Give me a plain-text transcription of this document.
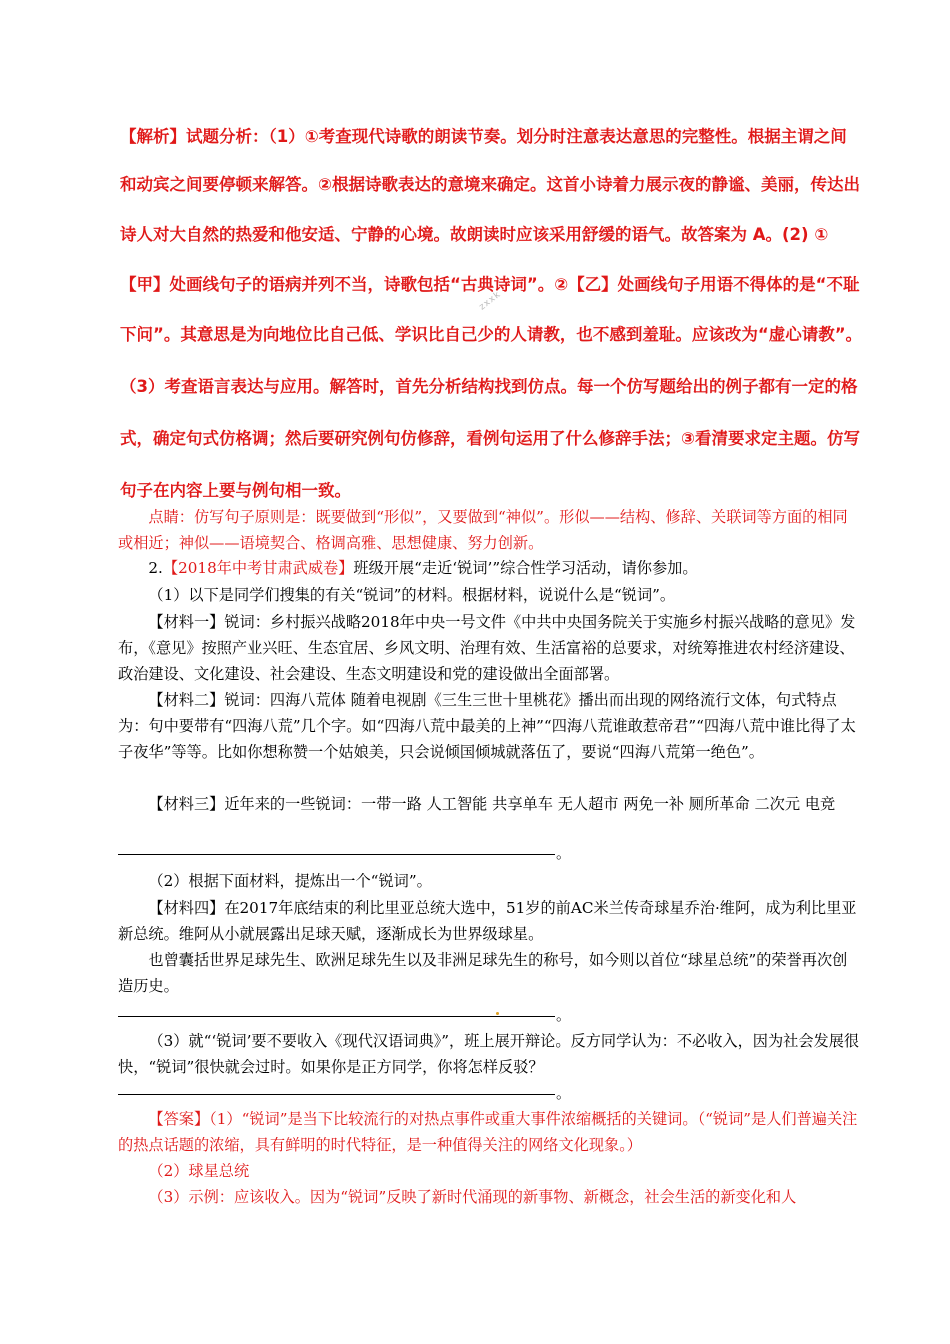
【解析】试题分析：（1）①考查现代诗歌的朗读节奏。划分时注意表达意思的完整性。根据主谓之间

和动宾之间要停顿来解答。②根据诗歌表达的意境来确定。这首小诗着力展示夜的静谧、美丽，传达出

诗人对大自然的热爱和他安适、宁静的心境。故朗读时应该采用舒缓的语气。故答案为 A。(2) ①

【甲】处画线句子的语病并列不当，诗歌包括“古典诗词”。②【乙】处画线句子用语不得体的是“不耻

下问”。其意思是为向地位比自己低、学识比自己少的人请教，也不感到羞耻。应该改为“虚心请教”。

（3）考查语言表达与应用。解答时，首先分析结构找到仿点。每一个仿写题给出的例子都有一定的格

式，确定句式仿格调；然后要研究例句仿修辞，看例句运用了什么修辞手法；③看清要求定主题。仿写

句子在内容上要与例句相一致。

zxxk

点睛：仿写句子原则是：既要做到“形似”，又要做到“神似”。形似——结构、修辞、关联词等方面的相同或相近；神似——语境契合、格调高雅、思想健康、努力创新。

2.【2018年中考甘肃武威卷】班级开展“走近‘锐词’”综合性学习活动，请你参加。

（1）以下是同学们搜集的有关“锐词”的材料。根据材料，说说什么是“锐词”。

【材料一】锐词：乡村振兴战略2018年中央一号文件《中共中央国务院关于实施乡村振兴战略的意见》发布，《意见》按照产业兴旺、生态宜居、乡风文明、治理有效、生活富裕的总要求，对统筹推进农村经济建设、政治建设、文化建设、社会建设、生态文明建设和党的建设做出全面部署。

【材料二】锐词：四海八荒体 随着电视剧《三生三世十里桃花》播出而出现的网络流行文体，句式特点为：句中要带有“四海八荒”几个字。如“四海八荒中最美的上神”“四海八荒谁敢惹帝君”“四海八荒中谁比得了太子夜华”等等。比如你想称赞一个姑娘美，只会说倾国倾城就落伍了，要说“四海八荒第一绝色”。

【材料三】近年来的一些锐词：一带一路 人工智能 共享单车 无人超市 两免一补 厕所革命 二次元 电竞

。

（2）根据下面材料，提炼出一个“锐词”。

【材料四】在2017年底结束的利比里亚总统大选中，51岁的前AC米兰传奇球星乔治·维阿，成为利比里亚新总统。维阿从小就展露出足球天赋，逐渐成长为世界级球星。

也曾囊括世界足球先生、欧洲足球先生以及非洲足球先生的称号，如今则以首位“球星总统”的荣誉再次创造历史。

。

（3）就“‘锐词’要不要收入《现代汉语词典》”，班上展开辩论。反方同学认为：不必收入，因为社会发展很快，“锐词”很快就会过时。如果你是正方同学，你将怎样反驳？

。

【答案】（1）“锐词”是当下比较流行的对热点事件或重大事件浓缩概括的关键词。（“锐词”是人们普遍关注的热点话题的浓缩，具有鲜明的时代特征，是一种值得关注的网络文化现象。）

（2）球星总统

（3）示例：应该收入。因为“锐词”反映了新时代涌现的新事物、新概念，社会生活的新变化和人
